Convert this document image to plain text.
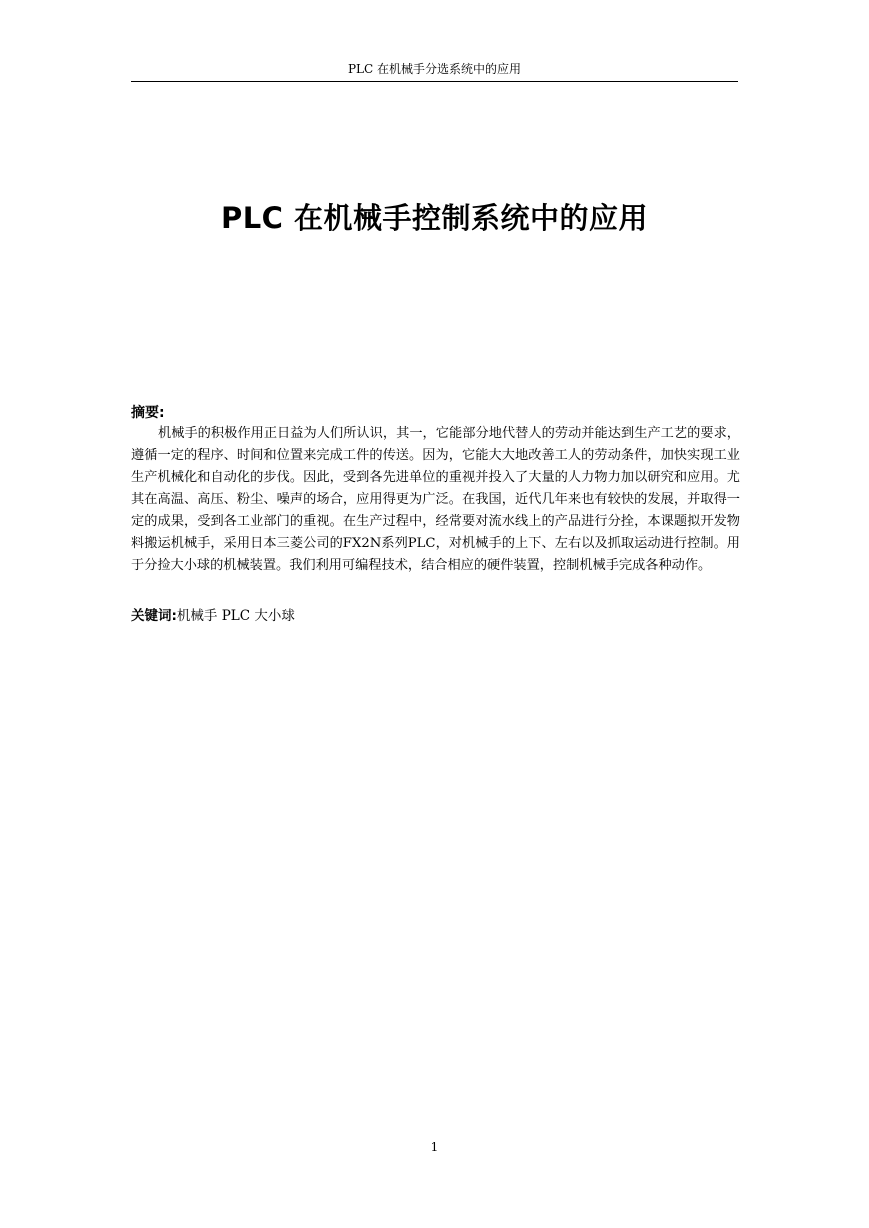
PLC 在机械手分选系统中的应用
PLC 在机械手控制系统中的应用
摘要:

机械手的积极作用正日益为人们所认识，其一，它能部分地代替人的劳动并能达到生产工艺的要求，遵循一定的程序、时间和位置来完成工件的传送。因为，它能大大地改善工人的劳动条件，加快实现工业生产机械化和自动化的步伐。因此，受到各先进单位的重视并投入了大量的人力物力加以研究和应用。尤其在高温、高压、粉尘、噪声的场合，应用得更为广泛。在我国，近代几年来也有较快的发展，并取得一定的成果，受到各工业部门的重视。在生产过程中，经常要对流水线上的产品进行分拴，本课题拟开发物料搬运机械手，采用日本三菱公司的FX2N系列PLC，对机械手的上下、左右以及抓取运动进行控制。用于分捡大小球的机械装置。我们利用可编程技术，结合相应的硬件装置，控制机械手完成各种动作。

关键词:机械手 PLC 大小球
1
